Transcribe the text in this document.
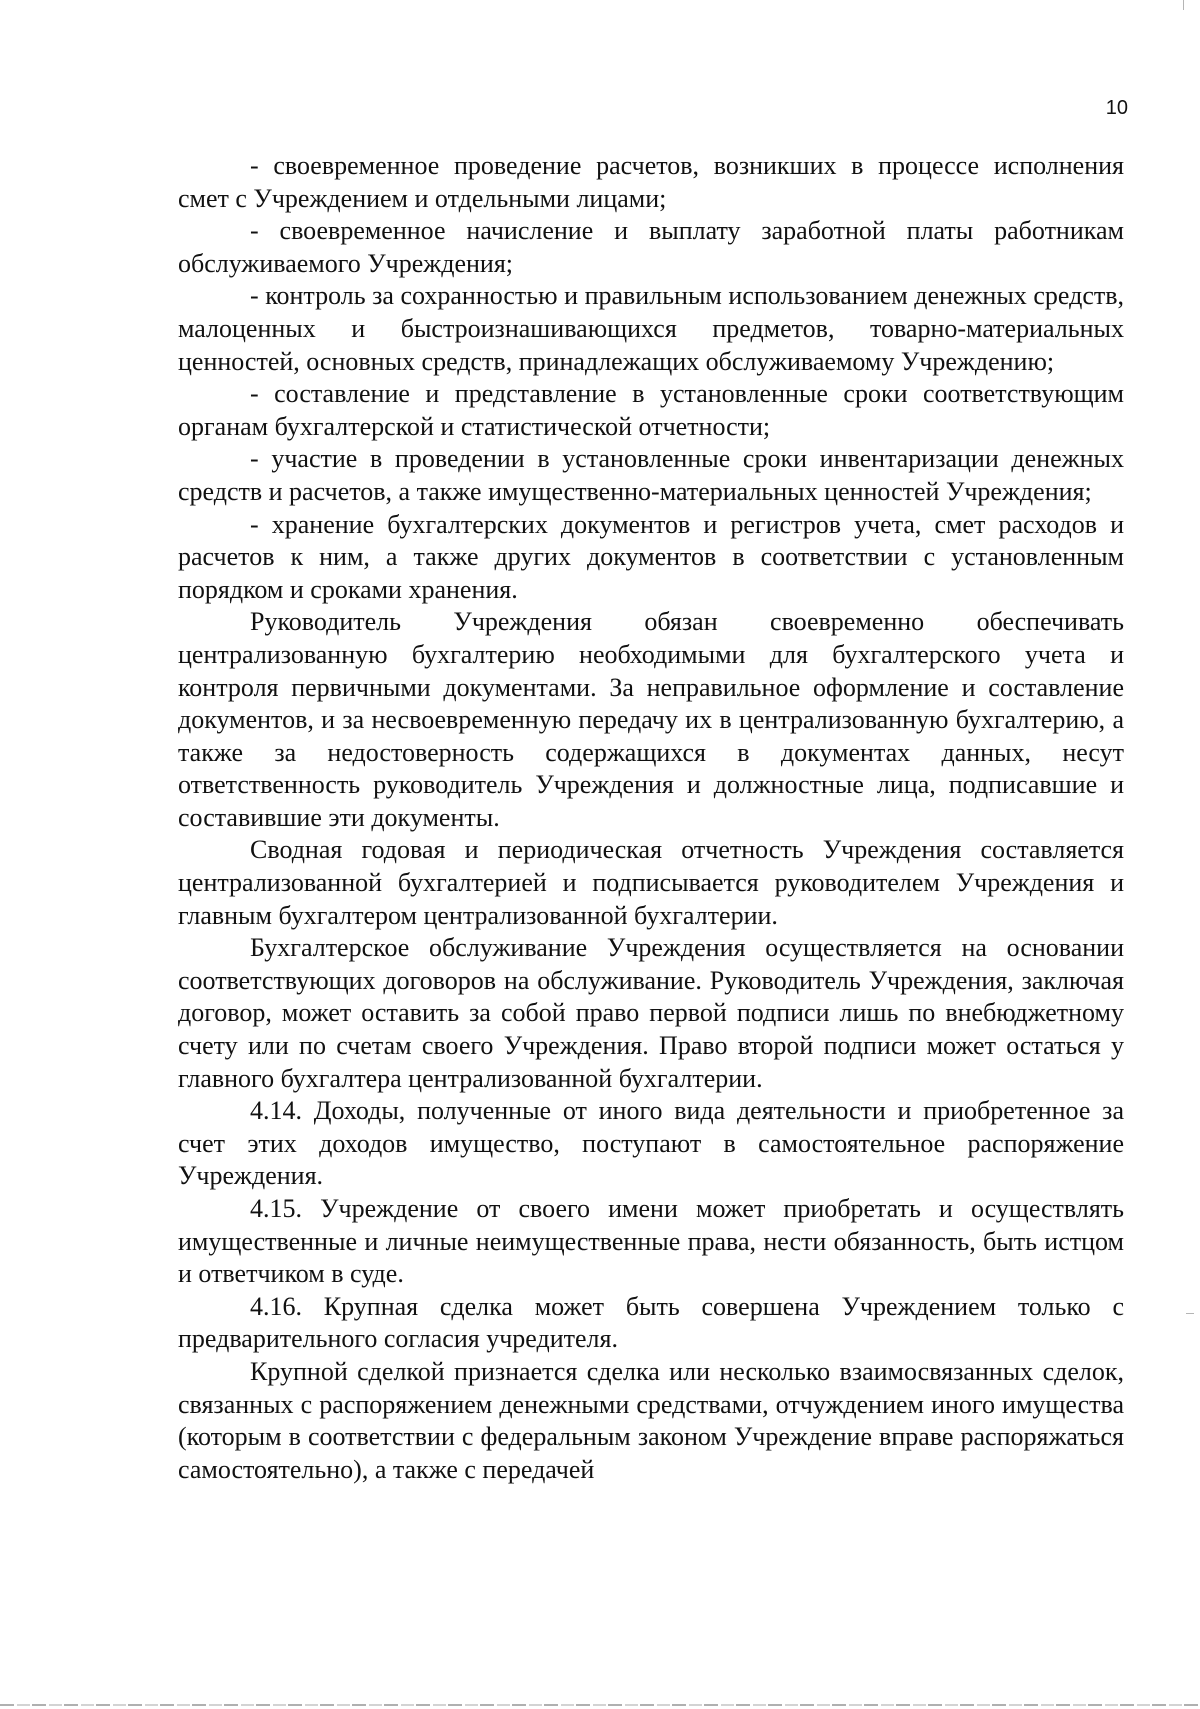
10

- своевременное проведение расчетов, возникших в процессе исполнения смет с Учреждением и отдельными лицами;

- своевременное начисление и выплату заработной платы работникам обслуживаемого Учреждения;

- контроль за сохранностью и правильным использованием денежных средств, малоценных и быстроизнашивающихся предметов, товарно-материальных ценностей, основных средств, принадлежащих обслуживаемому Учреждению;

- составление и представление в установленные сроки соответствующим органам бухгалтерской и статистической отчетности;

- участие в проведении в установленные сроки инвентаризации денежных средств и расчетов, а также имущественно-материальных ценностей Учреждения;

- хранение бухгалтерских документов и регистров учета, смет расходов и расчетов к ним, а также других документов в соответствии с установленным порядком и сроками хранения.

Руководитель Учреждения обязан своевременно обеспечивать централизованную бухгалтерию необходимыми для бухгалтерского учета и контроля первичными документами. За неправильное оформление и составление документов, и за несвоевременную передачу их в централизованную бухгалтерию, а также за недостоверность содержащихся в документах данных, несут ответственность руководитель Учреждения и должностные лица, подписавшие и составившие эти документы.

Сводная годовая и периодическая отчетность Учреждения составляется централизованной бухгалтерией и подписывается руководителем Учреждения и главным бухгалтером централизованной бухгалтерии.

Бухгалтерское обслуживание Учреждения осуществляется на основании соответствующих договоров на обслуживание. Руководитель Учреждения, заключая договор, может оставить за собой право первой подписи лишь по внебюджетному счету или по счетам своего Учреждения. Право второй подписи может остаться у главного бухгалтера централизованной бухгалтерии.

4.14. Доходы, полученные от иного вида деятельности и приобретенное за счет этих доходов имущество, поступают в самостоятельное распоряжение Учреждения.

4.15. Учреждение от своего имени может приобретать и осуществлять имущественные и личные неимущественные права, нести обязанность, быть истцом и ответчиком в суде.

4.16. Крупная сделка может быть совершена Учреждением только с предварительного согласия учредителя.

Крупной сделкой признается сделка или несколько взаимосвязанных сделок, связанных с распоряжением денежными средствами, отчуждением иного имущества (которым в соответствии с федеральным законом Учреждение вправе распоряжаться самостоятельно), а также с передачей
